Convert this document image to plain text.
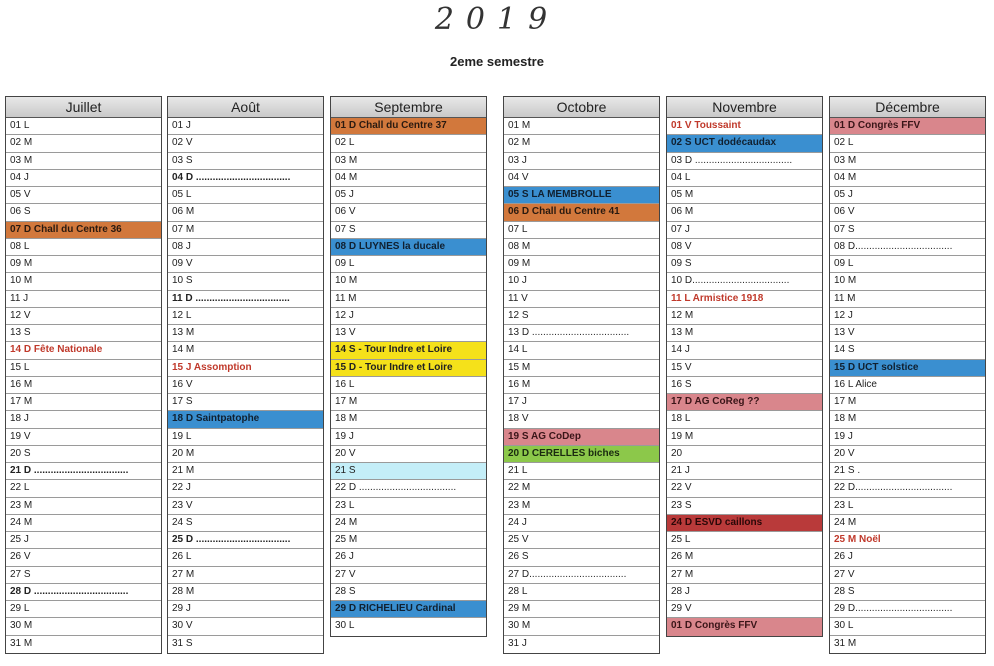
2019
2eme semestre
Juillet
01 L
02 M
03 M
04 J
05 V
06 S
07 D Chall du Centre 36
08 L
09 M
10 M
11 J
12 V
13 S
14 D Fête Nationale
15 L
16 M
17 M
18 J
19 V
20 S
21 D ..................................
22 L
23 M
24 M
25 J
26 V
27 S
28 D ..................................
29 L
30 M
31 M
Août
01 J
02 V
03 S
04 D ..................................
05 L
06 M
07 M
08 J
09 V
10 S
11 D ..................................
12 L
13 M
14 M
15 J Assomption
16 V
17 S
18 D Saintpatophe
19 L
20 M
21 M
22 J
23 V
24 S
25 D ..................................
26 L
27 M
28 M
29 J
30 V
31 S
Septembre
01 D Chall du Centre 37
02 L
03 M
04 M
05 J
06 V
07 S
08 D LUYNES la ducale
09 L
10 M
11 M
12 J
13 V
14 S - Tour Indre et Loire
15 D - Tour Indre et Loire
16 L
17 M
18 M
19 J
20 V
21 S
22 D ...................................
23 L
24 M
25 M
26 J
27 V
28 S
29 D RICHELIEU Cardinal
30 L
Octobre
01 M
02 M
03 J
04 V
05 S LA MEMBROLLE
06 D Chall du Centre 41
07 L
08 M
09 M
10 J
11 V
12 S
13 D ...................................
14 L
15 M
16 M
17 J
18 V
19 S AG CoDep
20 D CERELLES biches
21 L
22 M
23 M
24 J
25 V
26 S
27 D...................................
28 L
29 M
30 M
31 J
Novembre
01 V Toussaint
02 S UCT dodécaudax
03 D ...................................
04 L
05 M
06 M
07 J
08 V
09 S
10 D...................................
11 L Armistice 1918
12 M
13 M
14 J
15 V
16 S
17 D AG CoReg ??
18 L
19 M
20
21 J
22 V
23 S
24 D ESVD caillons
25 L
26 M
27 M
28 J
29 V
01 D Congrès FFV
Décembre
01 D Congrès FFV
02 L
03 M
04 M
05 J
06 V
07 S
08 D...................................
09 L
10 M
11 M
12 J
13 V
14 S
15 D UCT solstice
16 L Alice
17 M
18 M
19 J
20 V
21 S .
22 D...................................
23 L
24 M
25 M Noël
26 J
27 V
28 S
29 D...................................
30 L
31 M
